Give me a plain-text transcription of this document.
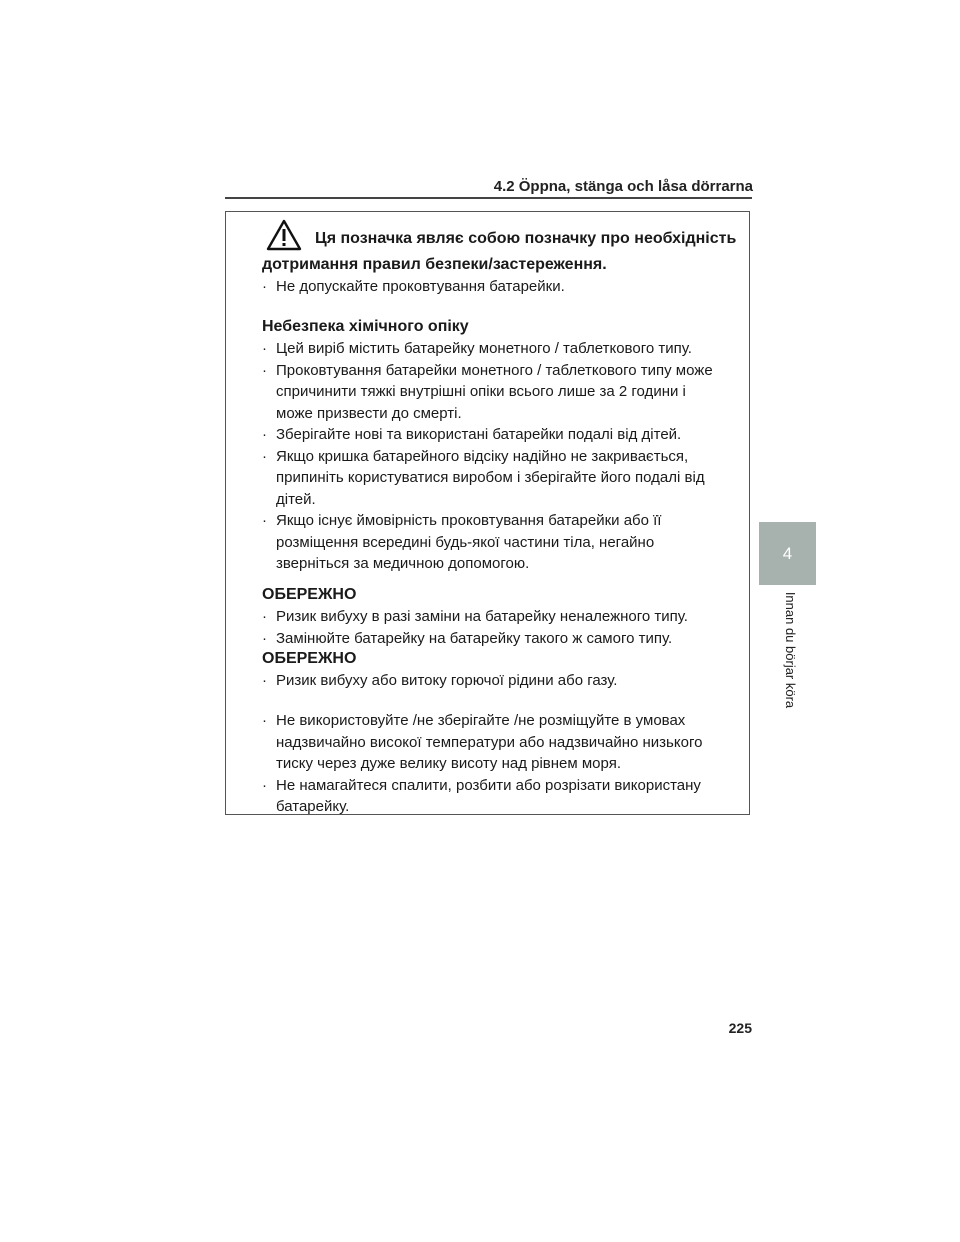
4.2 Öppna, stänga och låsa dörrarna
4
Innan du börjar köra
Ця позначка являє собою позначку про необхідність
дотримання правил безпеки/застереження.
· Не допускайте проковтування батарейки.
Небезпека хімічного опіку
· Цей виріб містить батарейку монетного / таблеткового типу.
· Проковтування батарейки монетного / таблеткового типу може спричинити тяжкі внутрішні опіки всього лише за 2 години і може призвести до смерті.
· Зберігайте нові та використані батарейки подалі від дітей.
· Якщо кришка батарейного відсіку надійно не закривається, припиніть користуватися виробом і зберігайте його подалі від дітей.
· Якщо існує ймовірність проковтування батарейки або її розміщення всередині будь-якої частини тіла, негайно зверніться за медичною допомогою.
ОБЕРЕЖНО
· Ризик вибуху в разі заміни на батарейку неналежного типу.
· Замінюйте батарейку на батарейку такого ж самого типу.
ОБЕРЕЖНО
· Ризик вибуху або витоку горючої рідини або газу.
· Не використовуйте /не зберігайте /не розміщуйте в умовах надзвичайно високої температури або надзвичайно низького тиску через дуже велику висоту над рівнем моря.
· Не намагайтеся спалити, розбити або розрізати використану батарейку.
225
